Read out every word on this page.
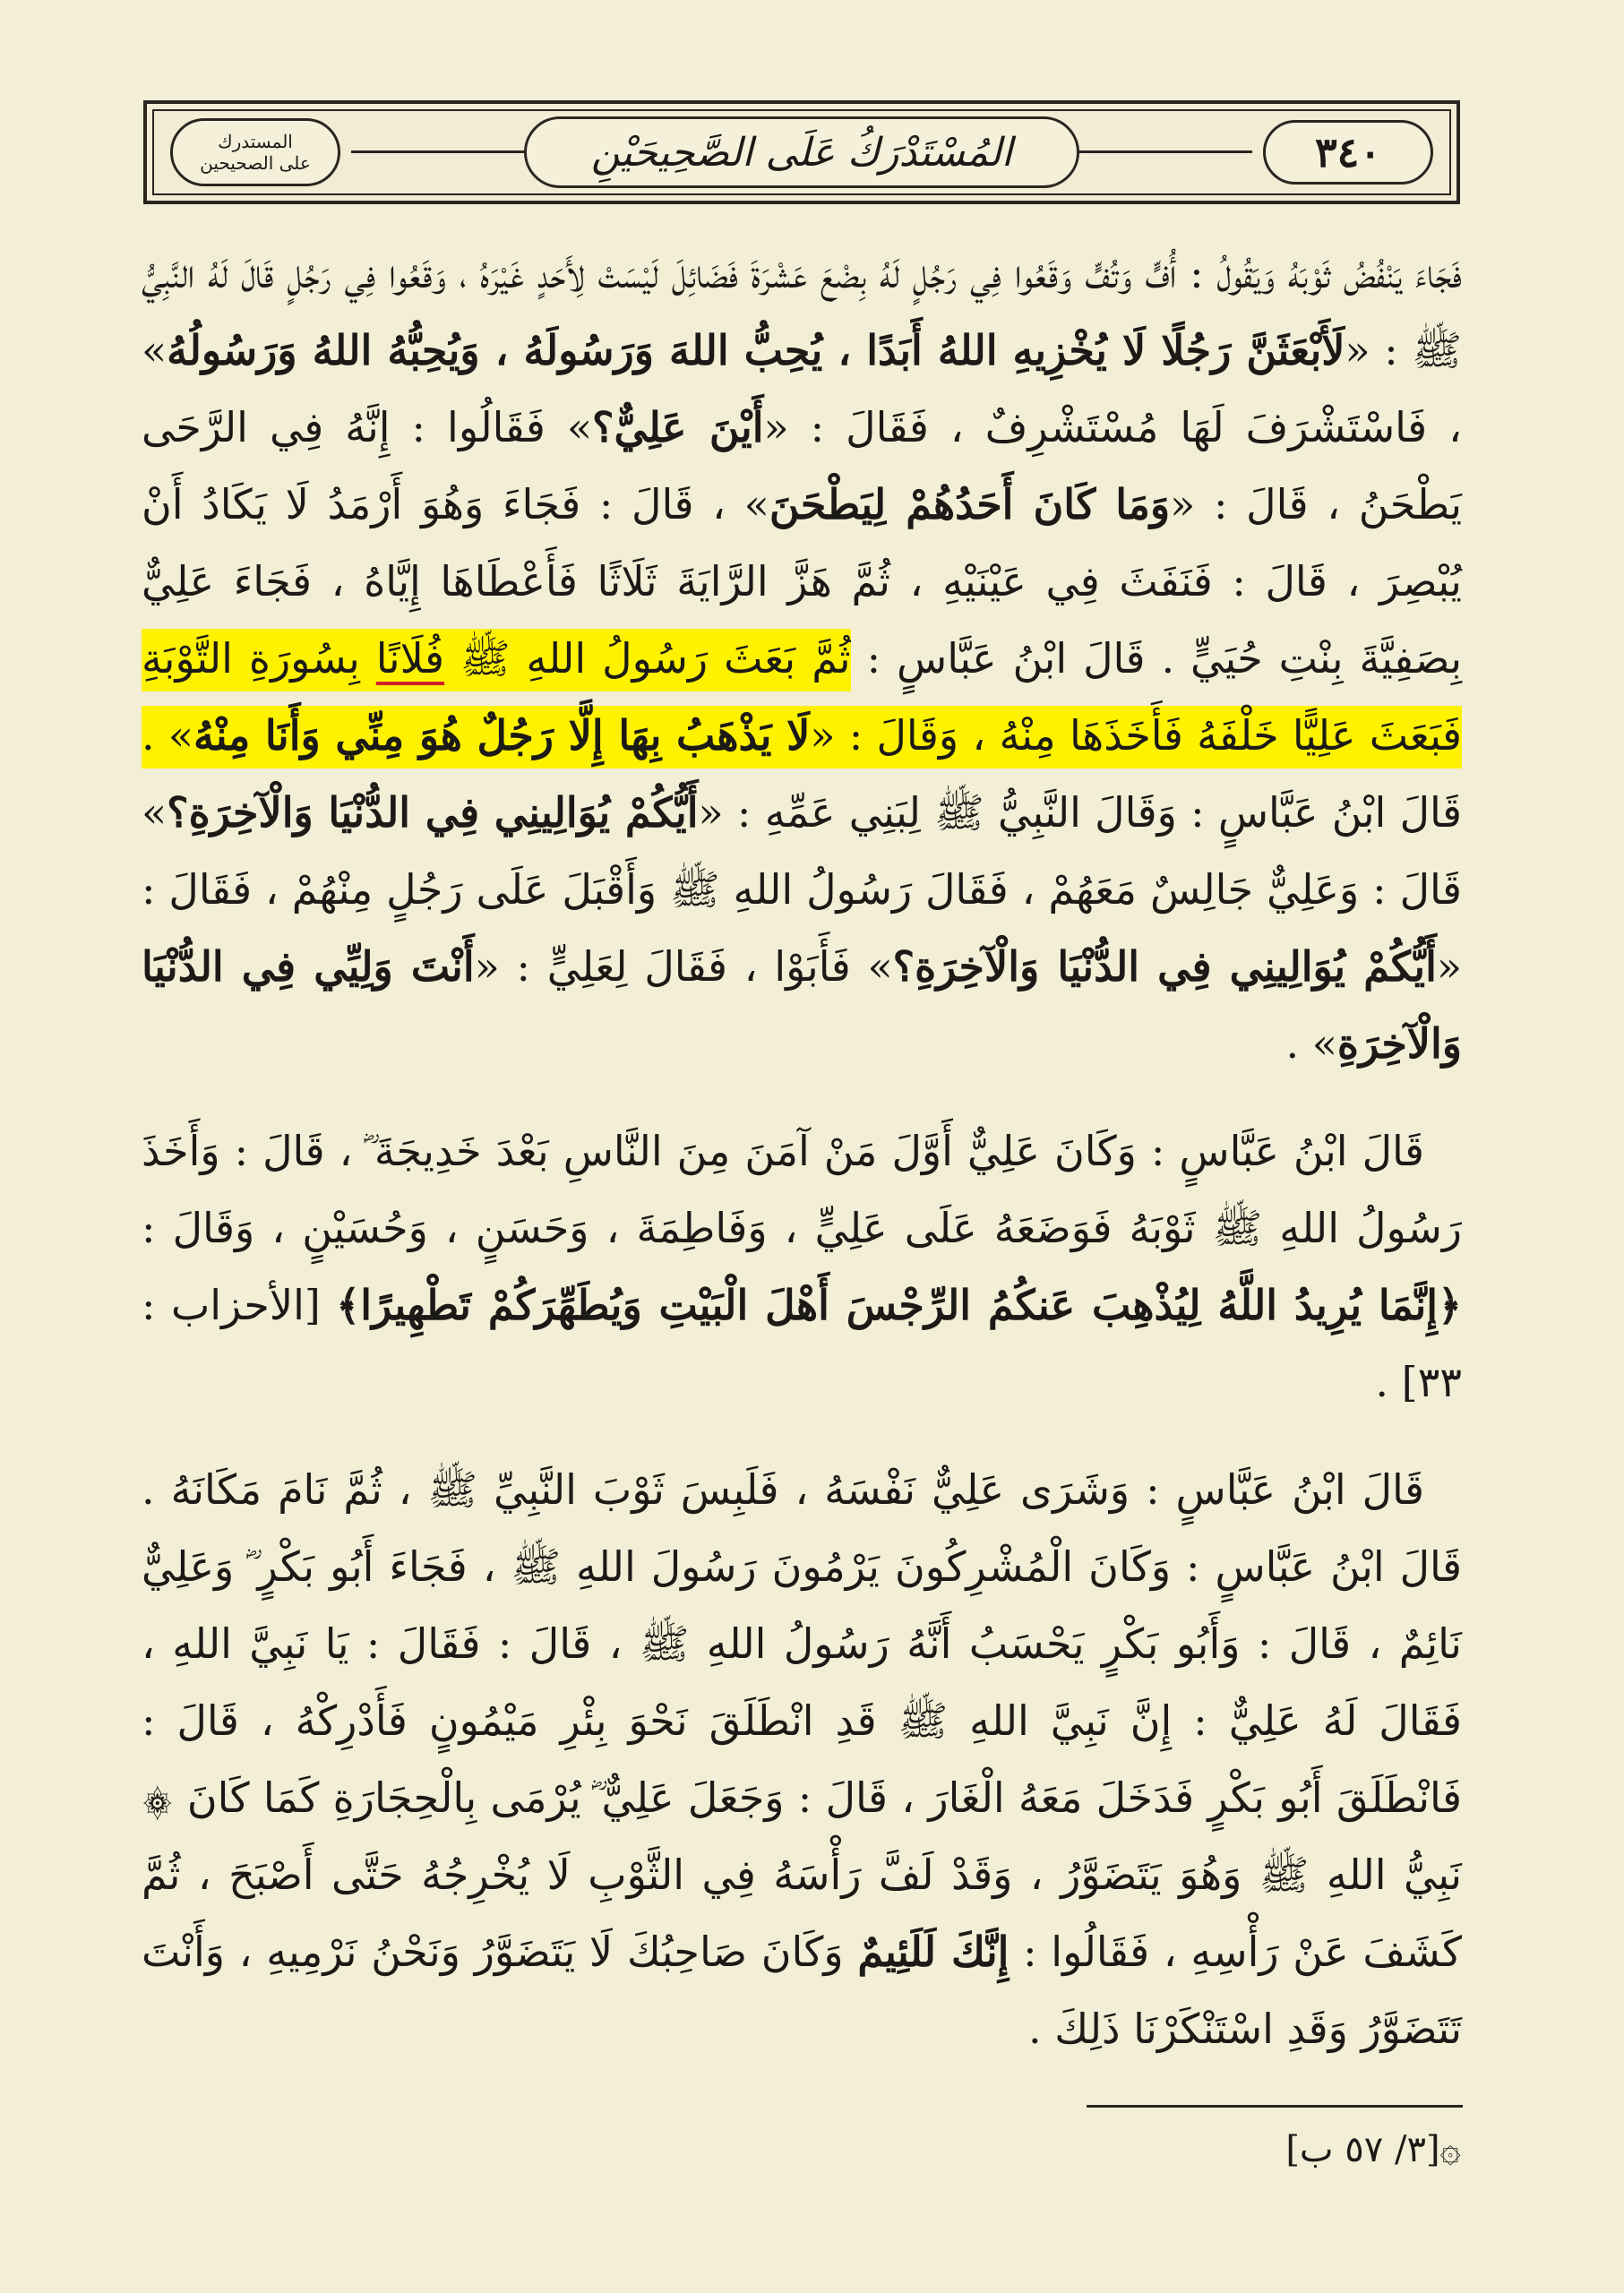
٣٤٠
المُسْتَدْرَكُ عَلَى الصَّحِيحَيْنِ
المستدرك
على الصحيحين

فَجَاءَ يَنْفُضُ ثَوْبَهُ وَيَقُولُ : أُفٍّ وَتُفٍّ وَقَعُوا فِي رَجُلٍ لَهُ بِضْعَ عَشْرَةَ فَضَائِلَ لَيْسَتْ لِأَحَدٍ غَيْرَهُ ، وَقَعُوا فِي رَجُلٍ قَالَ لَهُ النَّبِيُّ ﷺ : «لَأَبْعَثَنَّ رَجُلًا لَا يُخْزِيهِ اللهُ أَبَدًا ، يُحِبُّ اللهَ وَرَسُولَهُ ، وَيُحِبُّهُ اللهُ وَرَسُولُهُ» ، فَاسْتَشْرَفَ لَهَا مُسْتَشْرِفٌ ، فَقَالَ : «أَيْنَ عَلِيٌّ؟» فَقَالُوا : إِنَّهُ فِي الرَّحَى يَطْحَنُ ، قَالَ : «وَمَا كَانَ أَحَدُهُمْ لِيَطْحَنَ» ، قَالَ : فَجَاءَ وَهُوَ أَرْمَدُ لَا يَكَادُ أَنْ يُبْصِرَ ، قَالَ : فَنَفَثَ فِي عَيْنَيْهِ ، ثُمَّ هَزَّ الرَّايَةَ ثَلَاثًا فَأَعْطَاهَا إِيَّاهُ ، فَجَاءَ عَلِيٌّ بِصَفِيَّةَ بِنْتِ حُيَيٍّ . قَالَ ابْنُ عَبَّاسٍ : ثُمَّ بَعَثَ رَسُولُ اللهِ ﷺ فُلَانًا بِسُورَةِ التَّوْبَةِ فَبَعَثَ عَلِيًّا خَلْفَهُ فَأَخَذَهَا مِنْهُ ، وَقَالَ : «لَا يَذْهَبُ بِهَا إِلَّا رَجُلٌ هُوَ مِنِّي وَأَنَا مِنْهُ» . قَالَ ابْنُ عَبَّاسٍ : وَقَالَ النَّبِيُّ ﷺ لِبَنِي عَمِّهِ : «أَيُّكُمْ يُوَالِينِي فِي الدُّنْيَا وَالْآخِرَةِ؟» قَالَ : وَعَلِيٌّ جَالِسٌ مَعَهُمْ ، فَقَالَ رَسُولُ اللهِ ﷺ وَأَقْبَلَ عَلَى رَجُلٍ مِنْهُمْ ، فَقَالَ : «أَيُّكُمْ يُوَالِينِي فِي الدُّنْيَا وَالْآخِرَةِ؟» فَأَبَوْا ، فَقَالَ لِعَلِيٍّ : «أَنْتَ وَلِيِّي فِي الدُّنْيَا وَالْآخِرَةِ» .

قَالَ ابْنُ عَبَّاسٍ : وَكَانَ عَلِيٌّ أَوَّلَ مَنْ آمَنَ مِنَ النَّاسِ بَعْدَ خَدِيجَةَ ؓ ، قَالَ : وَأَخَذَ رَسُولُ اللهِ ﷺ ثَوْبَهُ فَوَضَعَهُ عَلَى عَلِيٍّ ، وَفَاطِمَةَ ، وَحَسَنٍ ، وَحُسَيْنٍ ، وَقَالَ : ﴿إِنَّمَا يُرِيدُ اللَّهُ لِيُذْهِبَ عَنكُمُ الرِّجْسَ أَهْلَ الْبَيْتِ وَيُطَهِّرَكُمْ تَطْهِيرًا﴾ [الأحزاب : ٣٣] .

قَالَ ابْنُ عَبَّاسٍ : وَشَرَى عَلِيٌّ نَفْسَهُ ، فَلَبِسَ ثَوْبَ النَّبِيِّ ﷺ ، ثُمَّ نَامَ مَكَانَهُ . قَالَ ابْنُ عَبَّاسٍ : وَكَانَ الْمُشْرِكُونَ يَرْمُونَ رَسُولَ اللهِ ﷺ ، فَجَاءَ أَبُو بَكْرٍ ؓ وَعَلِيٌّ نَائِمٌ ، قَالَ : وَأَبُو بَكْرٍ يَحْسَبُ أَنَّهُ رَسُولُ اللهِ ﷺ ، قَالَ : فَقَالَ : يَا نَبِيَّ اللهِ ، فَقَالَ لَهُ عَلِيٌّ : إِنَّ نَبِيَّ اللهِ ﷺ قَدِ انْطَلَقَ نَحْوَ بِئْرِ مَيْمُونٍ فَأَدْرِكْهُ ، قَالَ : فَانْطَلَقَ أَبُو بَكْرٍ فَدَخَلَ مَعَهُ الْغَارَ ، قَالَ : وَجَعَلَ عَلِيٌّ ؓ يُرْمَى بِالْحِجَارَةِ كَمَا كَانَ ۞ نَبِيُّ اللهِ ﷺ وَهُوَ يَتَضَوَّرُ ، وَقَدْ لَفَّ رَأْسَهُ فِي الثَّوْبِ لَا يُخْرِجُهُ حَتَّى أَصْبَحَ ، ثُمَّ كَشَفَ عَنْ رَأْسِهِ ، فَقَالُوا : إِنَّكَ لَلَئِيمٌ وَكَانَ صَاحِبُكَ لَا يَتَضَوَّرُ وَنَحْنُ نَرْمِيهِ ، وَأَنْتَ تَتَضَوَّرُ وَقَدِ اسْتَنْكَرْنَا ذَلِكَ .

۞[٣/ ٥٧ ب]
